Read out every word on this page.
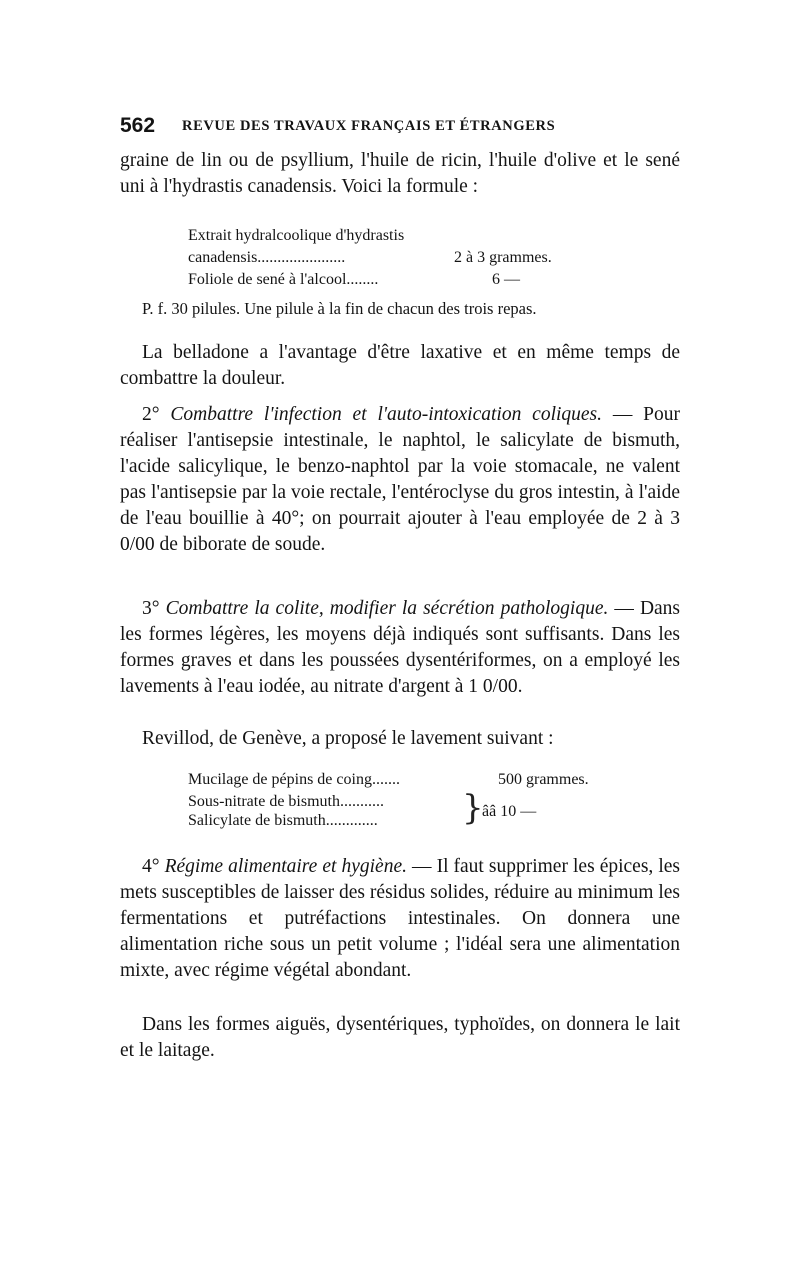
562 REVUE DES TRAVAUX FRANÇAIS ET ÉTRANGERS

graine de lin ou de psyllium, l'huile de ricin, l'huile d'olive et le sené uni à l'hydrastis canadensis. Voici la formule :

Extrait hydralcoolique d'hydrastis
canadensis......................	2 à 3 grammes.
Foliole de sené à l'alcool........	6 —

P. f. 30 pilules. Une pilule à la fin de chacun des trois repas.

La belladone a l'avantage d'être laxative et en même temps de combattre la douleur.

2° Combattre l'infection et l'auto-intoxication coliques. — Pour réaliser l'antisepsie intestinale, le naphtol, le salicylate de bismuth, l'acide salicylique, le benzo-naphtol par la voie stomacale, ne valent pas l'antisepsie par la voie rectale, l'entéroclyse du gros intestin, à l'aide de l'eau bouillie à 40°; on pourrait ajouter à l'eau employée de 2 à 3 0/00 de biborate de soude.

3° Combattre la colite, modifier la sécrétion pathologique. — Dans les formes légères, les moyens déjà indiqués sont suffisants. Dans les formes graves et dans les poussées dysentériformes, on a employé les lavements à l'eau iodée, au nitrate d'argent à 1 0/00.

Revillod, de Genève, a proposé le lavement suivant :

Mucilage de pépins de coing.......	500 grammes.
Sous-nitrate de bismuth...........
Salicylate de bismuth............. }
ââ 10 —

4° Régime alimentaire et hygiène. — Il faut supprimer les épices, les mets susceptibles de laisser des résidus solides, réduire au minimum les fermentations et putréfactions intestinales. On donnera une alimentation riche sous un petit volume ; l'idéal sera une alimentation mixte, avec régime végétal abondant.

Dans les formes aiguës, dysentériques, typhoïdes, on donnera le lait et le laitage.
